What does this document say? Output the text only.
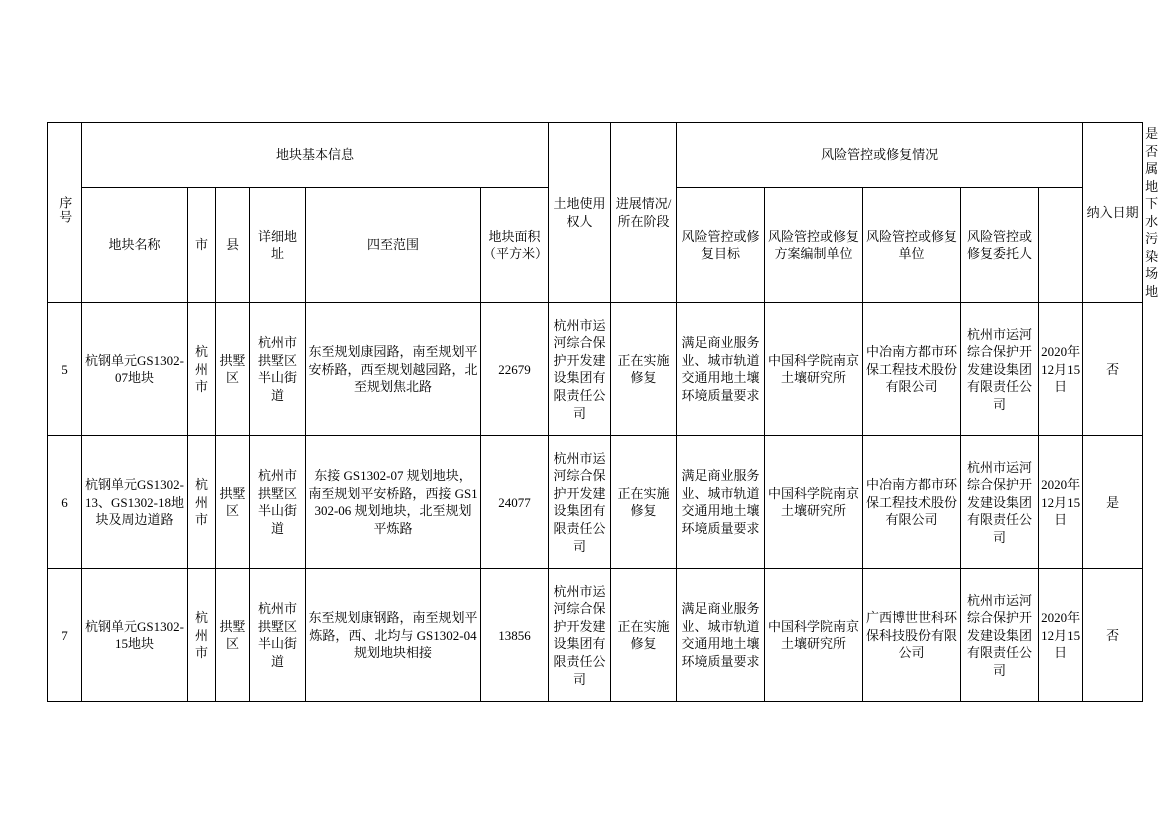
序号	地块基本信息						土地使用权人	进展情况/所在阶段	风险管控或修复情况					纳入日期	是否属地下水污染场地
	地块名称	市	县	详细地址	四至范围	地块面积（平方米）			风险管控或修复目标	风险管控或修复方案编制单位	风险管控或修复单位	风险管控或修复委托人			
5	杭钢单元GS1302-07地块	杭州市	拱墅区	杭州市拱墅区半山街道	东至规划康园路，南至规划平安桥路，西至规划越园路，北至规划焦北路	22679	杭州市运河综合保护开发建设集团有限责任公司	正在实施修复	满足商业服务业、城市轨道交通用地土壤环境质量要求	中国科学院南京土壤研究所	中冶南方都市环保工程技术股份有限公司	杭州市运河综合保护开发建设集团有限责任公司	2020年12月15日	否	
6	杭钢单元GS1302-13、GS1302-18地块及周边道路	杭州市	拱墅区	杭州市拱墅区半山街道	东接 GS1302-07 规划地块，南至规划平安桥路，西接 GS1302-06 规划地块，北至规划平炼路	24077	杭州市运河综合保护开发建设集团有限责任公司	正在实施修复	满足商业服务业、城市轨道交通用地土壤环境质量要求	中国科学院南京土壤研究所	中冶南方都市环保工程技术股份有限公司	杭州市运河综合保护开发建设集团有限责任公司	2020年12月15日	是	
7	杭钢单元GS1302-15地块	杭州市	拱墅区	杭州市拱墅区半山街道	东至规划康钢路，南至规划平炼路，西、北均与 GS1302-04 规划地块相接	13856	杭州市运河综合保护开发建设集团有限责任公司	正在实施修复	满足商业服务业、城市轨道交通用地土壤环境质量要求	中国科学院南京土壤研究所	广西博世世科环保科技股份有限公司	杭州市运河综合保护开发建设集团有限责任公司	2020年12月15日	否	
